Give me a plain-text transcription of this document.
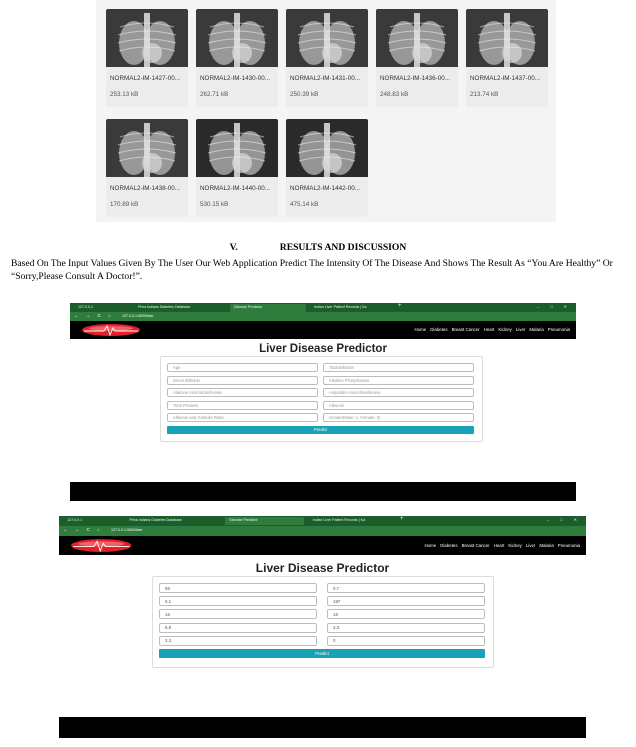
NORMAL2-IM-1427-00...
253.13 kB
NORMAL2-IM-1430-00...
262.71 kB
NORMAL2-IM-1431-00...
250.39 kB
NORMAL2-IM-1436-00...
248.83 kB
NORMAL2-IM-1437-00...
213.74 kB
NORMAL2-IM-1438-00...
170.89 kB
NORMAL2-IM-1440-00...
530.15 kB
NORMAL2-IM-1442-00...
475.14 kB
V.	RESULTS AND DISCUSSION
Based On The Input Values Given By The User Our Web Application Predict The Intensity Of The Disease And Shows The Result As “You Are Healthy” Or “Sorry,Please Consult A Doctor!”.
127.0.0.1	Pima Indians Diabetes Database	Disease Predictor	Indian Liver Patient Records | Ka	+	– □ ✕
← → C ⌂ 127.0.0.1:5000/liver
Home Diabetes Breast Cancer Heart Kidney Liver Malaria Pneumonia
Liver Disease Predictor
Age	Total Bilirubin
Direct Bilirubin	Alkaline Phosphotase
Alamine Aminotransferase	Aspartate Aminotransferase
Total Protiens	Albumin
Albumin and Globulin Ratio	Gender(Male: 1, Female: 0)
Predict
127.0.0.1	Pima Indians Diabetes Database	Disease Predictor	Indian Liver Patient Records | Ka	+	– □ ✕
← → C ⌂ 127.0.0.1:5000/liver
Home Diabetes Breast Cancer Heart Kidney Liver Malaria Pneumonia
Liver Disease Predictor
65	0.7
0.1	187
16	18
6.8	3.3
3.3	0
Predict
